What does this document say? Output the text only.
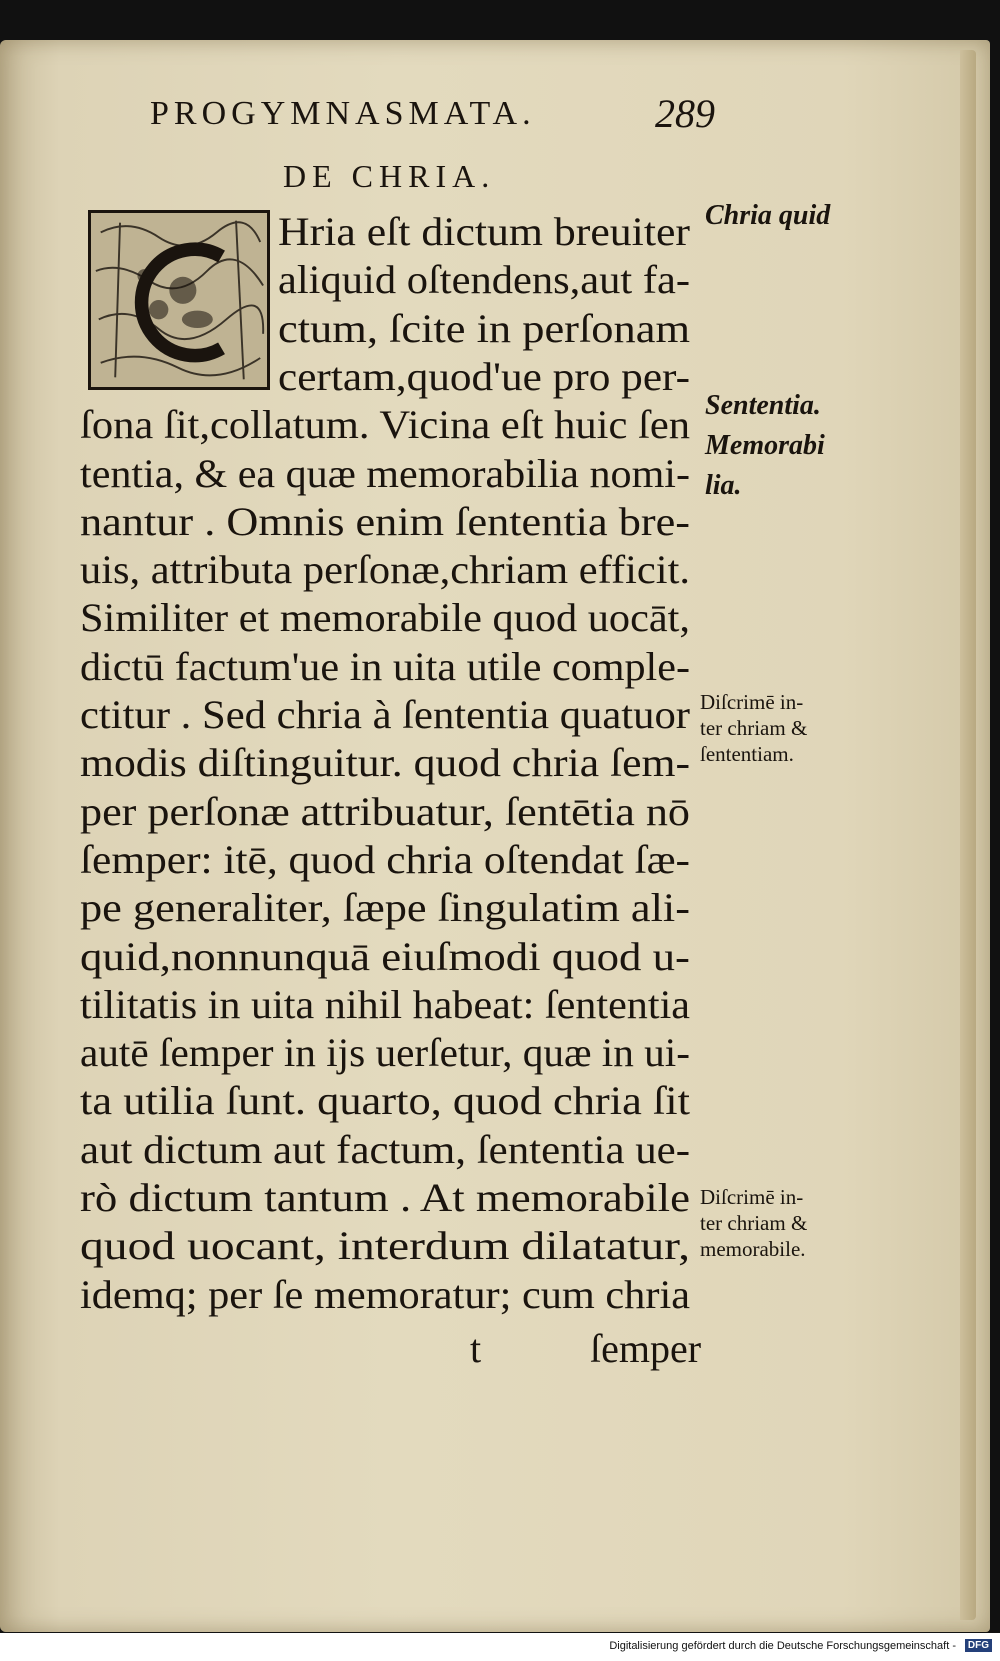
PROGYMNASMATA.	289
DE CHRIA.
Hria eſt dictum breuiter
aliquid oſtendens,aut fa-
ctum, ſcite in perſonam
certam,quod'ue pro per-
ſona ſit,collatum. Vicina eſt huic ſen
tentia, & ea quæ memorabilia nomi-
nantur . Omnis enim ſententia bre-
uis, attributa perſonæ,chriam efficit.
Similiter et memorabile quod uocāt,
dictū factum'ue in uita utile comple-
ctitur . Sed chria à ſententia quatuor
modis diſtinguitur. quod chria ſem-
per perſonæ attribuatur, ſentētia nō
ſemper: itē, quod chria oſtendat ſæ-
pe generaliter, ſæpe ſingulatim ali-
quid,nonnunquā eiuſmodi quod u-
tilitatis in uita nihil habeat: ſententia
autē ſemper in ijs uerſetur, quæ in ui-
ta utilia ſunt. quarto, quod chria ſit
aut dictum aut factum, ſententia ue-
rò dictum tantum . At memorabile
quod uocant, interdum dilatatur,
idemq; per ſe memoratur; cum chria
Chria quid
Sententia.
Memorabi
lia.
Diſcrimē in-
ter chriam &
ſententiam.
Diſcrimē in-
ter chriam &
memorabile.
t	ſemper
Digitalisierung gefördert durch die Deutsche Forschungsgemeinschaft -	DFG
